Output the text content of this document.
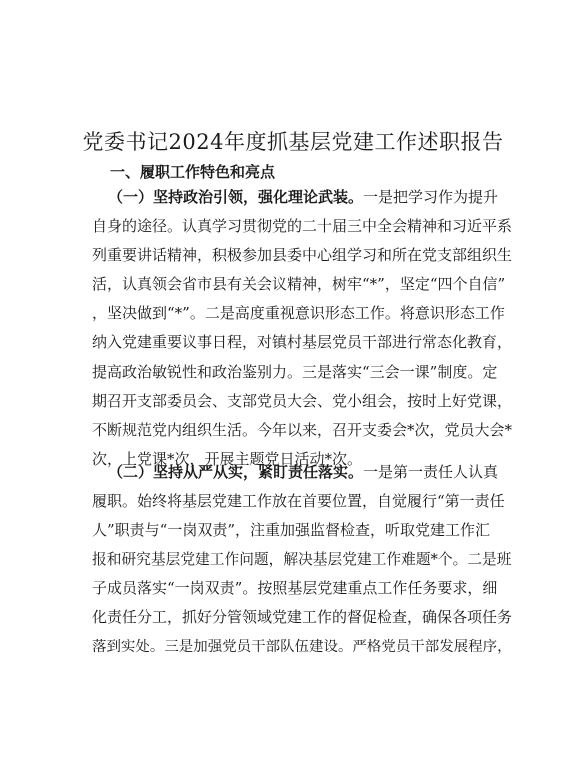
党委书记2024年度抓基层党建工作述职报告
一、履职工作特色和亮点
（一）坚持政治引领，强化理论武装。一是把学习作为提升
自身的途径。认真学习贯彻党的二十届三中全会精神和习近平系
列重要讲话精神，积极参加县委中心组学习和所在党支部组织生
活，认真领会省市县有关会议精神，树牢“*”，坚定“四个自信”
，坚决做到“*”。二是高度重视意识形态工作。将意识形态工作
纳入党建重要议事日程，对镇村基层党员干部进行常态化教育，
提高政治敏锐性和政治鉴别力。三是落实“三会一课”制度。定
期召开支部委员会、支部党员大会、党小组会，按时上好党课，
不断规范党内组织生活。今年以来，召开支委会*次，党员大会*
次，上党课*次，开展主题党日活动*次。
（二）坚持从严从实，紧盯责任落实。一是第一责任人认真
履职。始终将基层党建工作放在首要位置，自觉履行“第一责任
人”职责与“一岗双责”，注重加强监督检查，听取党建工作汇
报和研究基层党建工作问题，解决基层党建工作难题*个。二是班
子成员落实“一岗双责”。按照基层党建重点工作任务要求，细
化责任分工，抓好分管领域党建工作的督促检查，确保各项任务
落到实处。三是加强党员干部队伍建设。严格党员干部发展程序，
